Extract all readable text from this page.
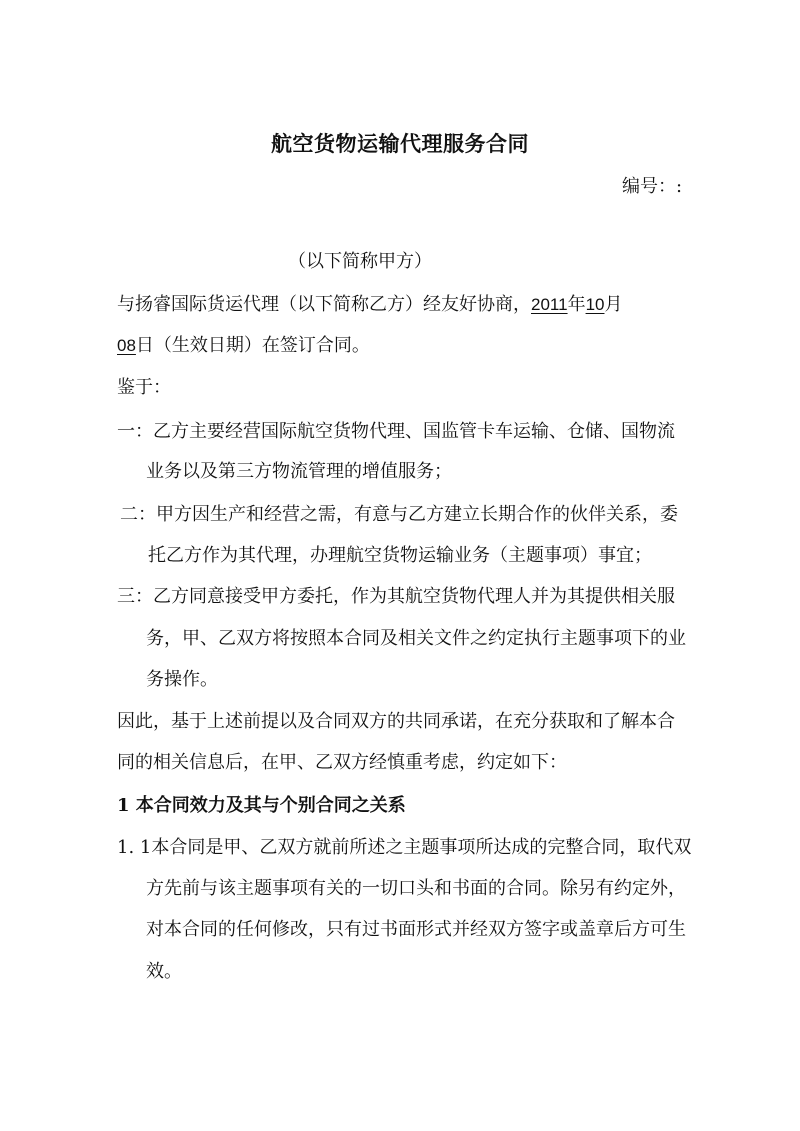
航空货物运输代理服务合同
编号：:
（以下简称甲方）
与扬睿国际货运代理（以下简称乙方）经友好协商，2011年10月
08日（生效日期）在签订合同。
鉴于：
一：乙方主要经营国际航空货物代理、国监管卡车运输、仓储、国物流
业务以及第三方物流管理的增值服务；
二：甲方因生产和经营之需，有意与乙方建立长期合作的伙伴关系，委
托乙方作为其代理，办理航空货物运输业务（主题事项）事宜；
三：乙方同意接受甲方委托，作为其航空货物代理人并为其提供相关服
务，甲、乙双方将按照本合同及相关文件之约定执行主题事项下的业
务操作。
因此，基于上述前提以及合同双方的共同承诺，在充分获取和了解本合
同的相关信息后，在甲、乙双方经慎重考虑，约定如下：
1 本合同效力及其与个别合同之关系
1. 1本合同是甲、乙双方就前所述之主题事项所达成的完整合同，取代双
方先前与该主题事项有关的一切口头和书面的合同。除另有约定外，
对本合同的任何修改，只有过书面形式并经双方签字或盖章后方可生
效。
